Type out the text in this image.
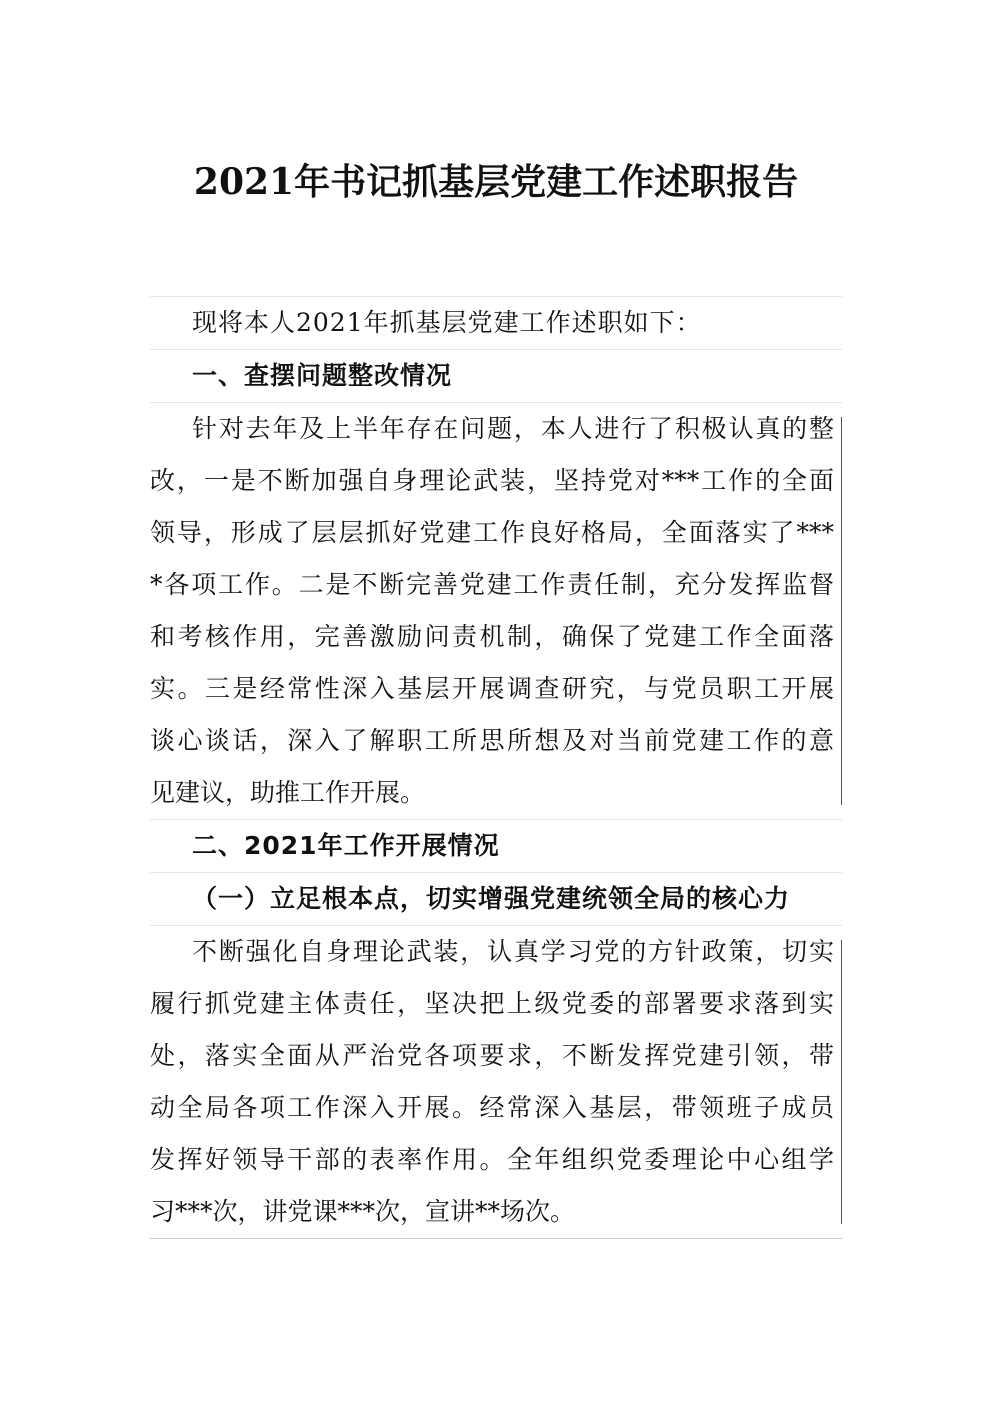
2021年书记抓基层党建工作述职报告
现将本人2021年抓基层党建工作述职如下：
一、查摆问题整改情况
针对去年及上半年存在问题，本人进行了积极认真的整
改，一是不断加强自身理论武装，坚持党对***工作的全面
领导，形成了层层抓好党建工作良好格局，全面落实了***
*各项工作。二是不断完善党建工作责任制，充分发挥监督
和考核作用，完善激励问责机制，确保了党建工作全面落
实。三是经常性深入基层开展调查研究，与党员职工开展
谈心谈话，深入了解职工所思所想及对当前党建工作的意
见建议，助推工作开展。
二、2021年工作开展情况
（一）立足根本点，切实增强党建统领全局的核心力
不断强化自身理论武装，认真学习党的方针政策，切实
履行抓党建主体责任，坚决把上级党委的部署要求落到实
处，落实全面从严治党各项要求，不断发挥党建引领，带
动全局各项工作深入开展。经常深入基层，带领班子成员
发挥好领导干部的表率作用。全年组织党委理论中心组学
习***次，讲党课***次，宣讲**场次。
